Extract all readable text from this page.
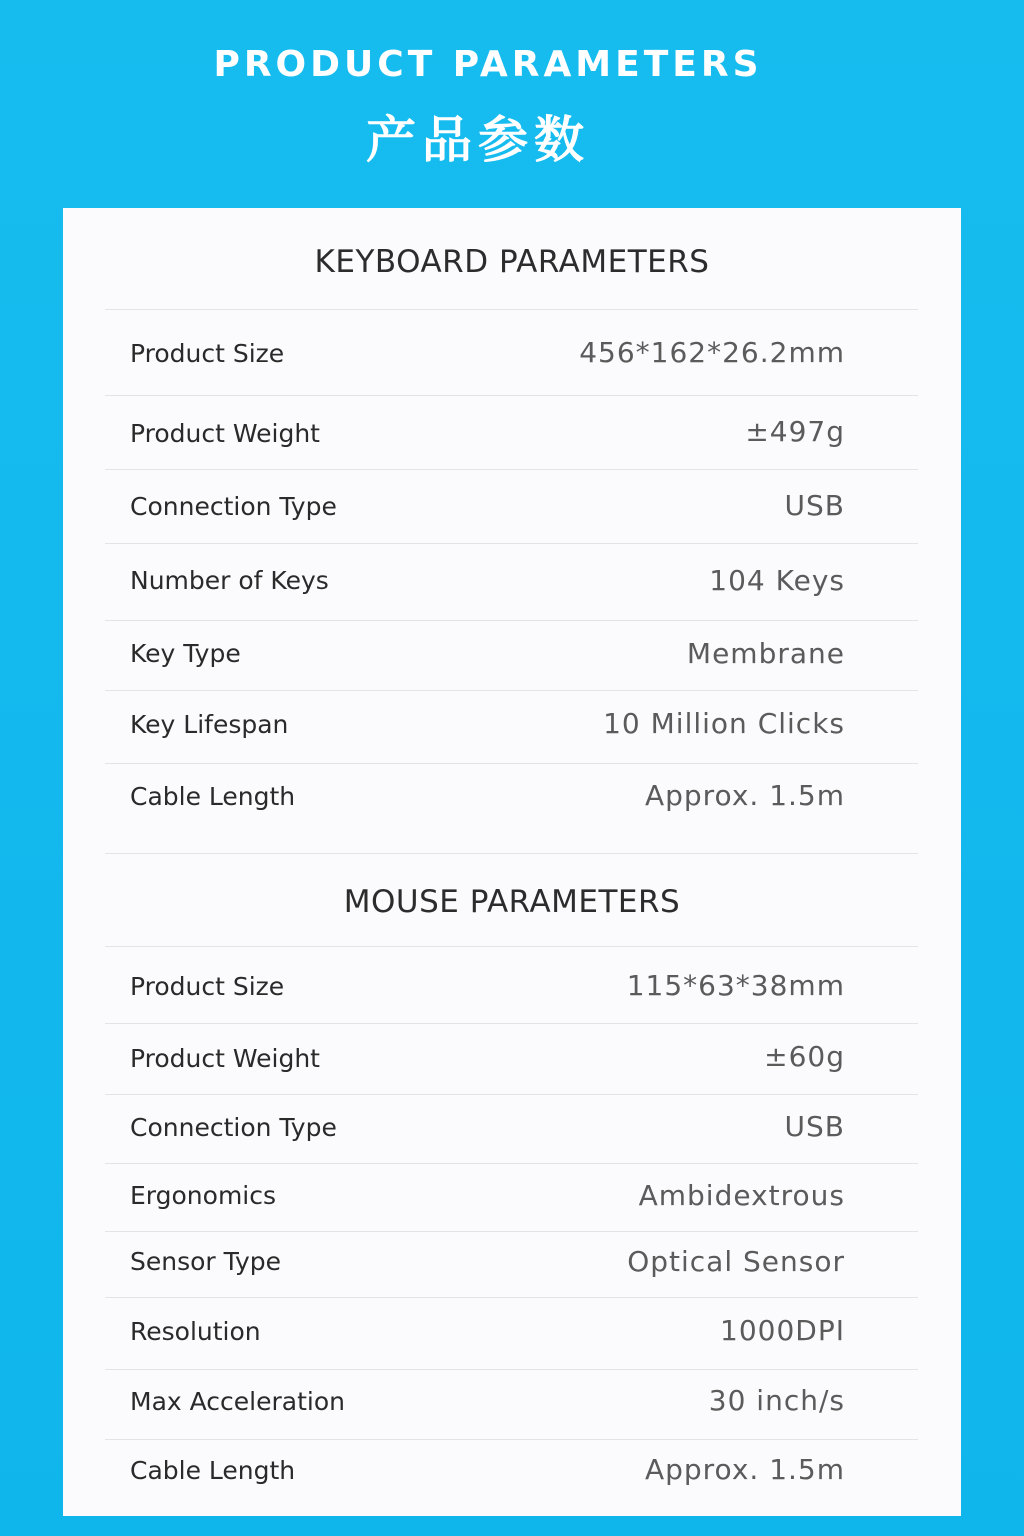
PRODUCT PARAMETERS
产品参数
KEYBOARD PARAMETERS
Product Size	456*162*26.2mm
Product Weight	±497g
Connection Type	USB
Number of Keys	104 Keys
Key Type	Membrane
Key Lifespan	10 Million Clicks
Cable Length	Approx. 1.5m
MOUSE PARAMETERS
Product Size	115*63*38mm
Product Weight	±60g
Connection Type	USB
Ergonomics	Ambidextrous
Sensor Type	Optical Sensor
Resolution	1000DPI
Max Acceleration	30 inch/s
Cable Length	Approx. 1.5m
